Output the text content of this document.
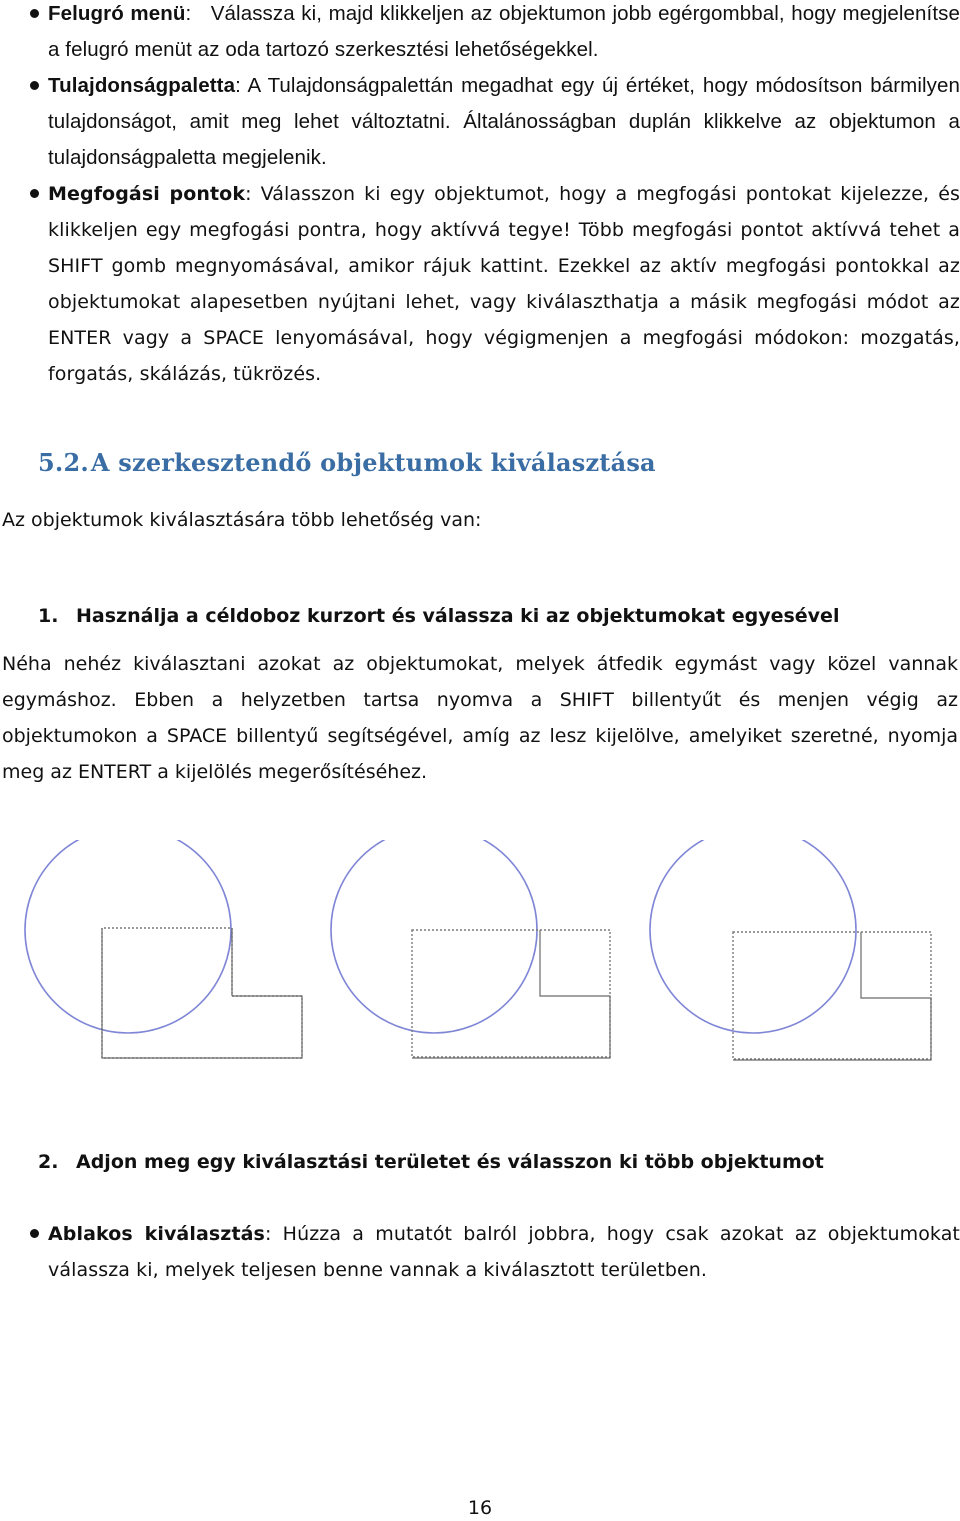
Felugró menü:   Válassza ki, majd klikkeljen az objektumon jobb egérgombbal, hogy megjelenítse a felugró menüt az oda tartozó szerkesztési lehetőségekkel.
Tulajdonságpaletta: A Tulajdonságpalettán megadhat egy új értéket, hogy módosítson bármilyen tulajdonságot, amit meg lehet változtatni. Általánosságban duplán klikkelve az objektumon a tulajdonságpaletta megjelenik.
Megfogási pontok: Válasszon ki egy objektumot, hogy a megfogási pontokat kijelezze, és klikkeljen egy megfogási pontra, hogy aktívvá tegye! Több megfogási pontot aktívvá tehet a SHIFT gomb megnyomásával, amikor rájuk kattint. Ezekkel az aktív megfogási pontokkal az objektumokat alapesetben nyújtani lehet, vagy kiválaszthatja a másik megfogási módot az ENTER vagy a SPACE lenyomásával, hogy végigmenjen a megfogási módokon: mozgatás, forgatás, skálázás, tükrözés.
5.2.A szerkesztendő objektumok kiválasztása

Az objektumok kiválasztására több lehetőség van:

1. Használja a céldoboz kurzort és válassza ki az objektumokat egyesével

Néha nehéz kiválasztani azokat az objektumokat, melyek átfedik egymást vagy közel vannak egymáshoz. Ebben a helyzetben tartsa nyomva a SHIFT billentyűt és menjen végig az objektumokon a SPACE billentyű segítségével, amíg az lesz kijelölve, amelyiket szeretné, nyomja meg az ENTERT a kijelölés megerősítéséhez.

2. Adjon meg egy kiválasztási területet és válasszon ki több objektumot
Ablakos kiválasztás: Húzza a mutatót balról jobbra, hogy csak azokat az objektumokat válassza ki, melyek teljesen benne vannak a kiválasztott területben.
16
